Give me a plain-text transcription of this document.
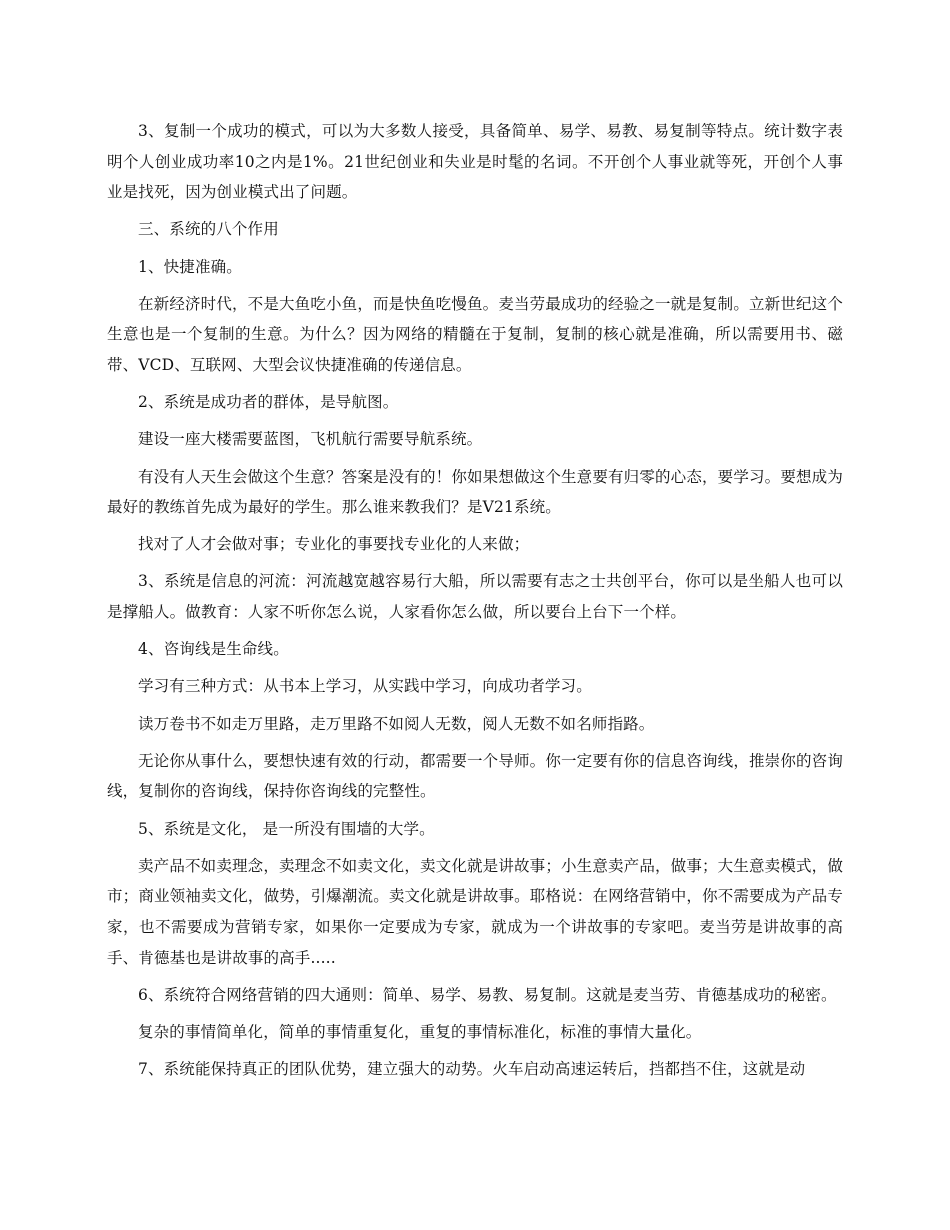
3、复制一个成功的模式，可以为大多数人接受，具备简单、易学、易教、易复制等特点。统计数字表明个人创业成功率10之内是1%。21世纪创业和失业是时髦的名词。不开创个人事业就等死，开创个人事业是找死，因为创业模式出了问题。

三、系统的八个作用

1、快捷准确。

在新经济时代，不是大鱼吃小鱼，而是快鱼吃慢鱼。麦当劳最成功的经验之一就是复制。立新世纪这个生意也是一个复制的生意。为什么？因为网络的精髓在于复制，复制的核心就是准确，所以需要用书、磁带、VCD、互联网、大型会议快捷准确的传递信息。

2、系统是成功者的群体，是导航图。

建设一座大楼需要蓝图，飞机航行需要导航系统。

有没有人天生会做这个生意？答案是没有的！你如果想做这个生意要有归零的心态，要学习。要想成为最好的教练首先成为最好的学生。那么谁来教我们？是V21系统。

找对了人才会做对事；专业化的事要找专业化的人来做；

3、系统是信息的河流：河流越宽越容易行大船，所以需要有志之士共创平台，你可以是坐船人也可以是撑船人。做教育：人家不听你怎么说，人家看你怎么做，所以要台上台下一个样。

4、咨询线是生命线。

学习有三种方式：从书本上学习，从实践中学习，向成功者学习。

读万卷书不如走万里路，走万里路不如阅人无数，阅人无数不如名师指路。

无论你从事什么，要想快速有效的行动，都需要一个导师。你一定要有你的信息咨询线，推崇你的咨询线，复制你的咨询线，保持你咨询线的完整性。

5、系统是文化， 是一所没有围墙的大学。

卖产品不如卖理念，卖理念不如卖文化，卖文化就是讲故事；小生意卖产品，做事；大生意卖模式，做市；商业领袖卖文化，做势，引爆潮流。卖文化就是讲故事。耶格说：在网络营销中，你不需要成为产品专家，也不需要成为营销专家，如果你一定要成为专家，就成为一个讲故事的专家吧。麦当劳是讲故事的高手、肯德基也是讲故事的高手.....

6、系统符合网络营销的四大通则：简单、易学、易教、易复制。这就是麦当劳、肯德基成功的秘密。

复杂的事情简单化，简单的事情重复化，重复的事情标准化，标准的事情大量化。

7、系统能保持真正的团队优势，建立强大的动势。火车启动高速运转后，挡都挡不住，这就是动
